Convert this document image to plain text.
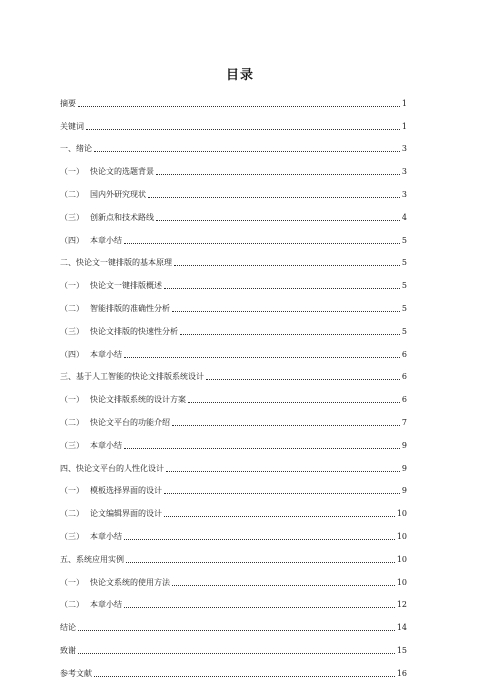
目录
摘要	1
关键词	1
一、绪论	3
（一） 快论文的选题背景	3
（二） 国内外研究现状	3
（三） 创新点和技术路线	4
（四） 本章小结	5
二、快论文一键排版的基本原理	5
（一） 快论文一键排版概述	5
（二） 智能排版的准确性分析	5
（三） 快论文排版的快速性分析	5
（四） 本章小结	6
三、基于人工智能的快论文排版系统设计	6
（一） 快论文排版系统的设计方案	6
（二） 快论文平台的功能介绍	7
（三） 本章小结	9
四、快论文平台的人性化设计	9
（一） 模板选择界面的设计	9
（二） 论文编辑界面的设计	10
（三） 本章小结	10
五、系统应用实例	10
（一） 快论文系统的使用方法	10
（二） 本章小结	12
结论	14
致谢	15
参考文献	16
